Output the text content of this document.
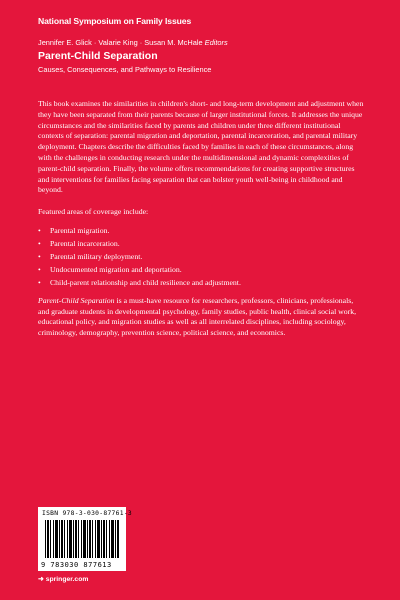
National Symposium on Family Issues
Jennifer E. Glick · Valarie King · Susan M. McHale Editors
Parent-Child Separation
Causes, Consequences, and Pathways to Resilience

This book examines the similarities in children's short- and long-term development and adjustment when they have been separated from their parents because of larger institutional forces. It addresses the unique circumstances and the similarities faced by parents and children under three different institutional contexts of separation: parental migration and deportation, parental incarceration, and parental military deployment. Chapters describe the difficulties faced by families in each of these circumstances, along with the challenges in conducting research under the multidimensional and dynamic complexities of parent-child separation. Finally, the volume offers recommendations for creating supportive structures and interventions for families facing separation that can bolster youth well-being in childhood and beyond.

Featured areas of coverage include:

• Parental migration.
• Parental incarceration.
• Parental military deployment.
• Undocumented migration and deportation.
• Child-parent relationship and child resilience and adjustment.

Parent-Child Separation is a must-have resource for researchers, professors, clinicians, professionals, and graduate students in developmental psychology, family studies, public health, clinical social work, educational policy, and migration studies as well as all interrelated disciplines, including sociology, criminology, demography, prevention science, political science, and economics.

ISBN 978-3-030-87761-3
9 783030 877613
➜ springer.com
